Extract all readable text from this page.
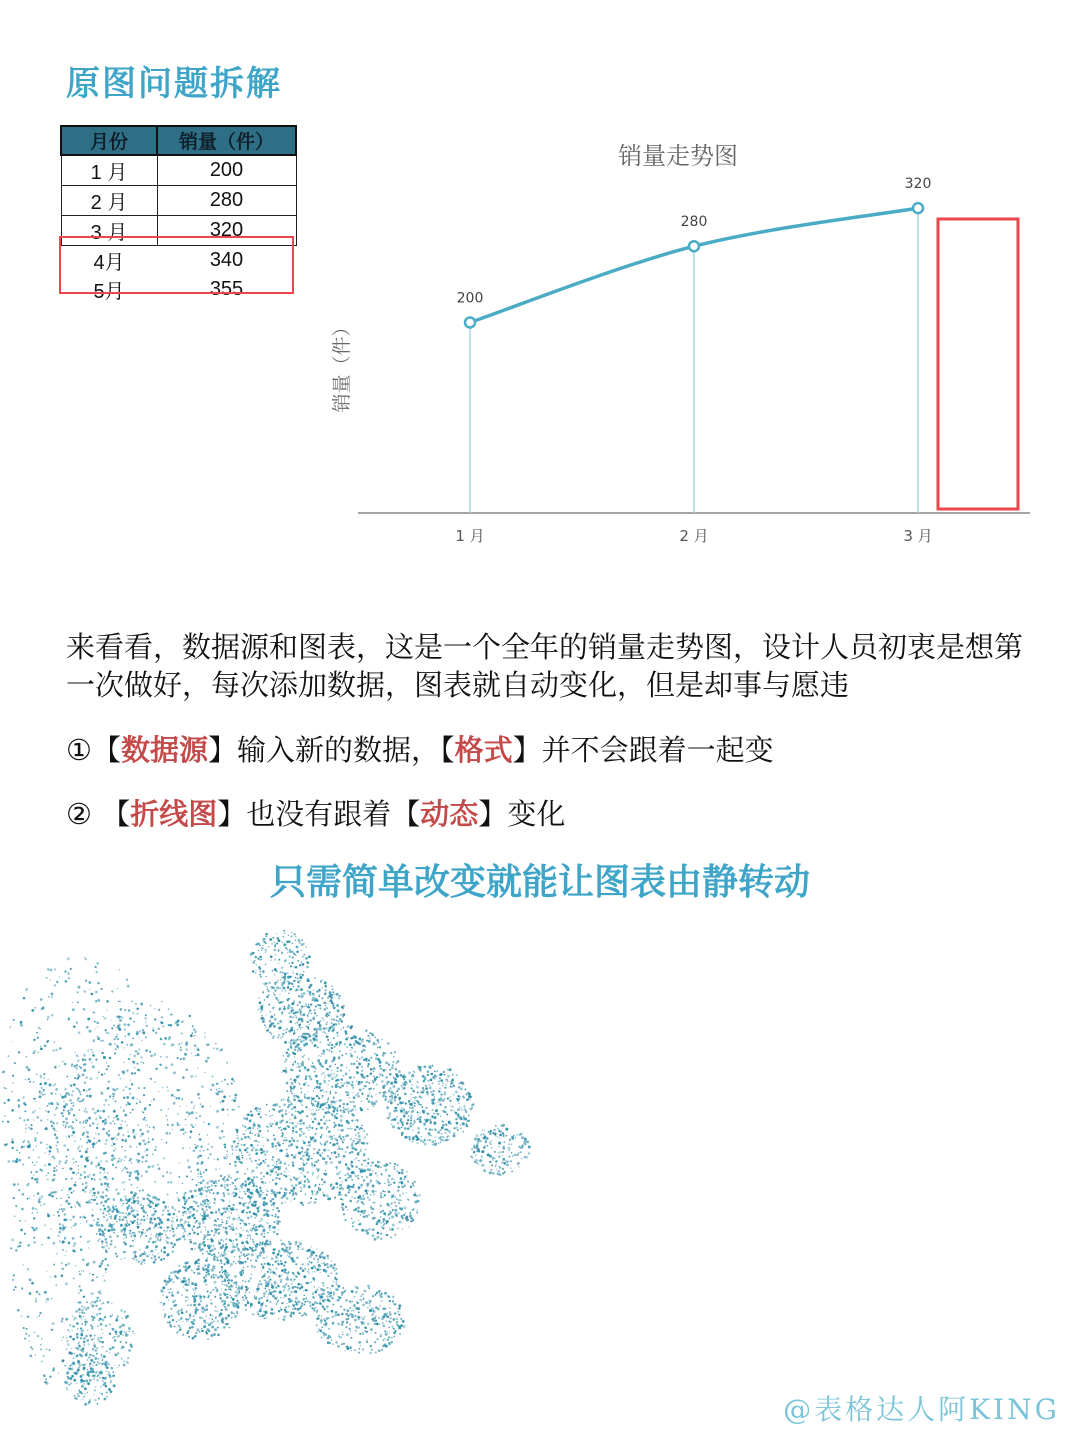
原图问题拆解
月份	销量（件）
1 月	200
2 月	280
3 月	320
4月	340
5月	355
销量走势图
销量（件）
200
1 月
280
2 月
320
3 月
来看看，数据源和图表，这是一个全年的销量走势图，设计人员初衷是想第一次做好，每次添加数据，图表就自动变化，但是却事与愿违
①【数据源】输入新的数据，【格式】并不会跟着一起变
② 【折线图】也没有跟着【动态】变化
只需简单改变就能让图表由静转动
@表格达人阿KING
